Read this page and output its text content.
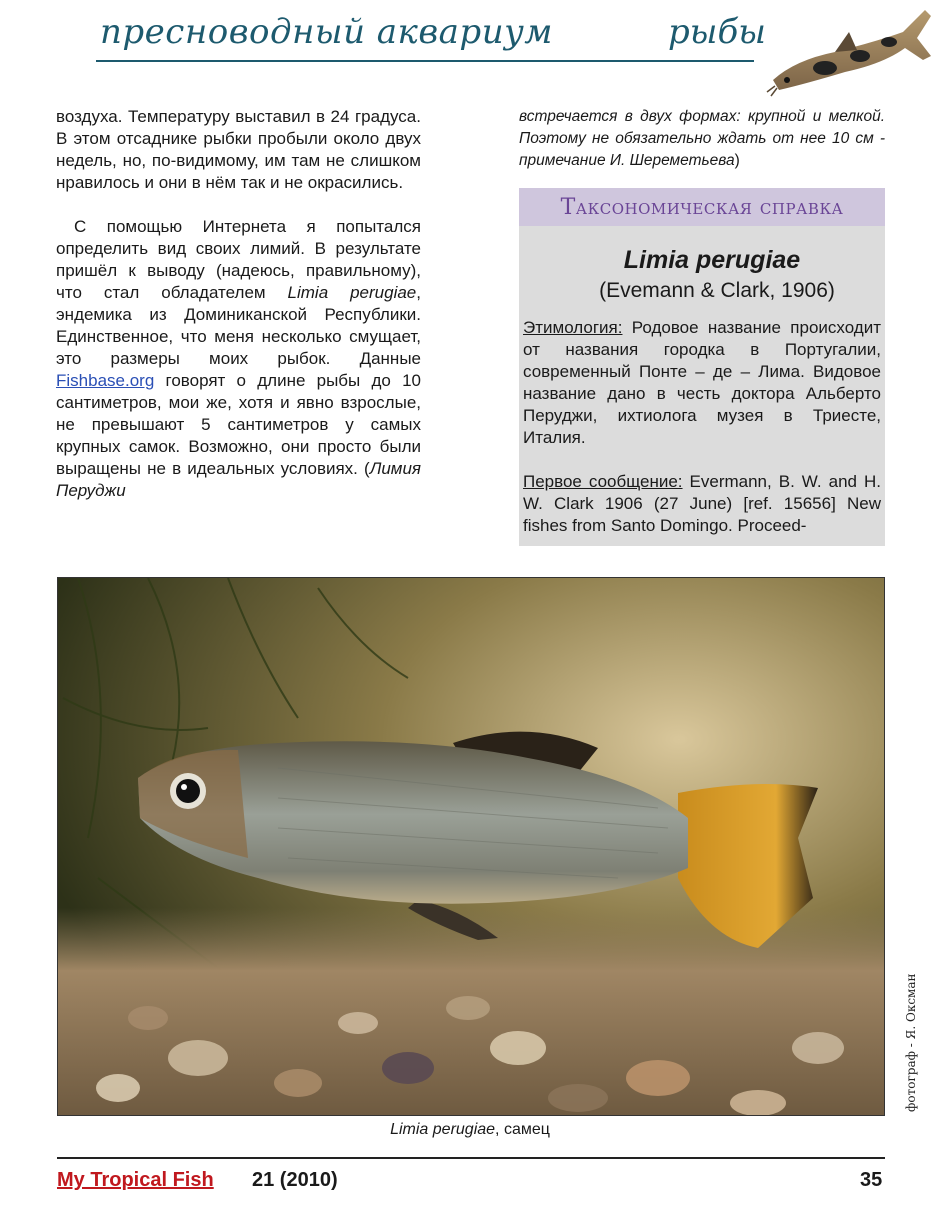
пресноводный аквариум	рыбы

воздуха. Температуру выставил в 24 градуса. В этом отсаднике рыбки пробыли около двух недель, но, по-видимому, им там не слишком нравилось и они в нём так и не окрасились.

С помощью Интернета я попытался определить вид своих лимий. В результате пришёл к выводу (надеюсь, правильному), что стал обладателем Limia perugiae, эндемика из Доминиканской Республики. Единственное, что меня несколько смущает, это размеры моих рыбок. Данные Fishbase.org говорят о длине рыбы до 10 сантиметров, мои же, хотя и явно взрослые, не превышают 5 сантиметров у самых крупных самок. Возможно, они просто были выращены не в идеальных условиях. (Лимия Перуджи

встречается в двух формах: крупной и мелкой. Поэтому не обязательно ждать от нее 10 см - примечание И. Шереметьева)
Таксономическая справка
Limia perugiae
(Evemann & Clark, 1906)

Этимология: Родовое название происходит от названия городка в Португалии, современный Понте – де – Лима. Видовое название дано в честь доктора Альберто Перуджи, ихтиолога музея в Триесте, Италия.

Первое сообщение: Evermann, B. W. and H. W. Clark 1906 (27 June) [ref. 15656] New fishes from Santo Domingo. Proceed-

Limia perugiae, самец
фотограф - Я. Оксман
My Tropical Fish 21 (2010)	35
